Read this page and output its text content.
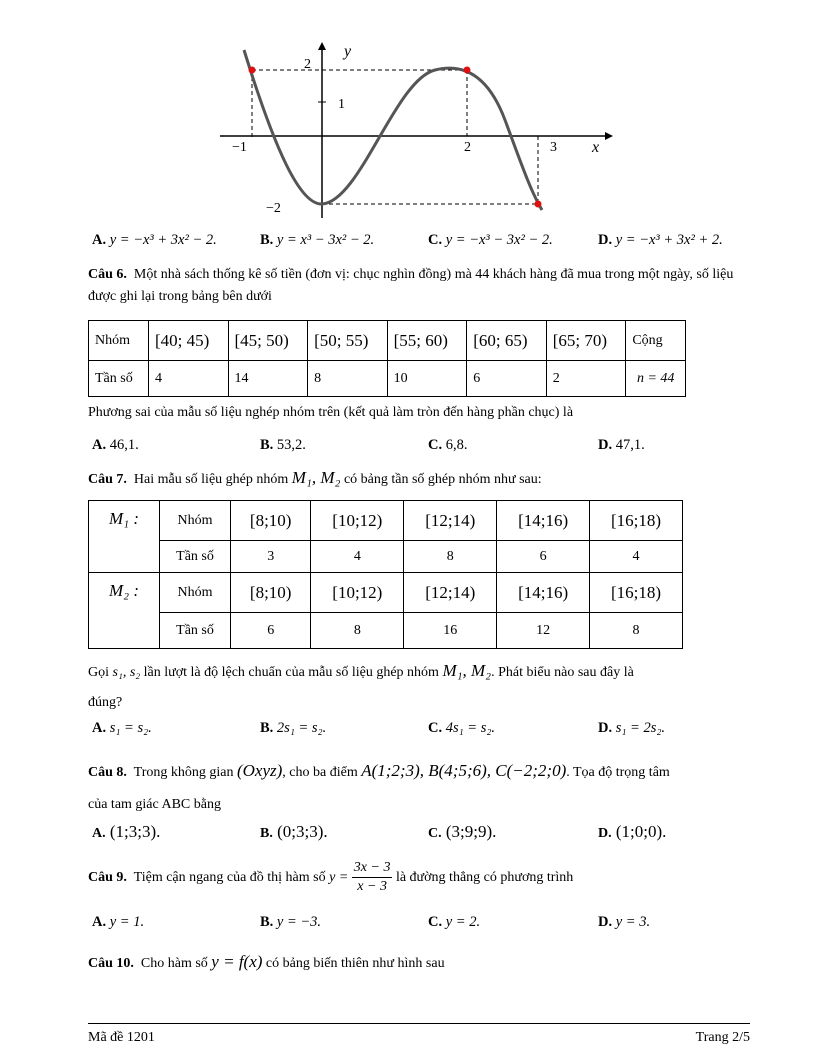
y
2
1
−2
−1	2	3 x
A. y = −x³ + 3x² − 2.	B. y = x³ − 3x² − 2.	C. y = −x³ − 3x² − 2.	D. y = −x³ + 3x² + 2.
Câu 6. Một nhà sách thống kê số tiền (đơn vị: chục nghìn đồng) mà 44 khách hàng đã mua trong một ngày, số liệu được ghi lại trong bảng bên dưới
Nhóm	[40; 45)	[45; 50)	[50; 55)	[55; 60)	[60; 65)	[65; 70)	Cộng
Tần số	4	14	8	10	6	2	n = 44
Phương sai của mẫu số liệu nghép nhóm trên (kết quả làm tròn đến hàng phần chục) là
A. 46,1.	B. 53,2.	C. 6,8.	D. 47,1.
Câu 7. Hai mẫu số liệu ghép nhóm M₁, M₂ có bảng tần số ghép nhóm như sau:
M₁ :	Nhóm	[8;10)	[10;12)	[12;14)	[14;16)	[16;18)
	Tần số	3	4	8	6	4
M₂ :	Nhóm	[8;10)	[10;12)	[12;14)	[14;16)	[16;18)
	Tần số	6	8	16	12	8
Gọi s₁, s₂ lần lượt là độ lệch chuẩn của mẫu số liệu ghép nhóm M₁, M₂. Phát biểu nào sau đây là
đúng?
A. s₁ = s₂.	B. 2s₁ = s₂.	C. 4s₁ = s₂.	D. s₁ = 2s₂.
Câu 8. Trong không gian (Oxyz), cho ba điểm A(1;2;3), B(4;5;6), C(−2;2;0). Tọa độ trọng tâm
của tam giác ABC bằng
A. (1;3;3).	B. (0;3;3).	C. (3;9;9).	D. (1;0;0).
Câu 9. Tiệm cận ngang của đồ thị hàm số $y = \frac{3x - 3}{x - 3}$ là đường thẳng có phương trình
A. y = 1.	B. y = −3.	C. y = 2.	D. y = 3.
Câu 10. Cho hàm số y = f(x) có bảng biến thiên như hình sau
Mã đề 1201	Trang 2/5
